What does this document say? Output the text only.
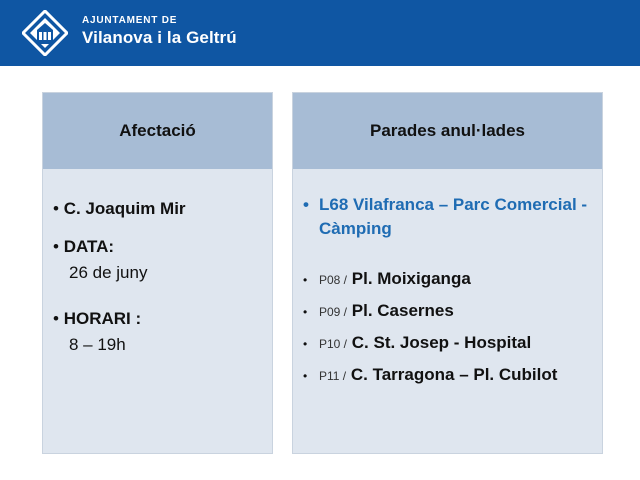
AJUNTAMENT DE
Vilanova i la Geltrú
Afectació
• C. Joaquim Mir
• DATA:
26 de juny
• HORARI :
8 – 19h
Parades anul·lades
• L68 Vilafranca – Parc Comercial - Càmping
• P08 / Pl. Moixiganga
• P09 / Pl. Casernes
• P10 / C. St. Josep - Hospital
• P11 / C. Tarragona – Pl. Cubilot
